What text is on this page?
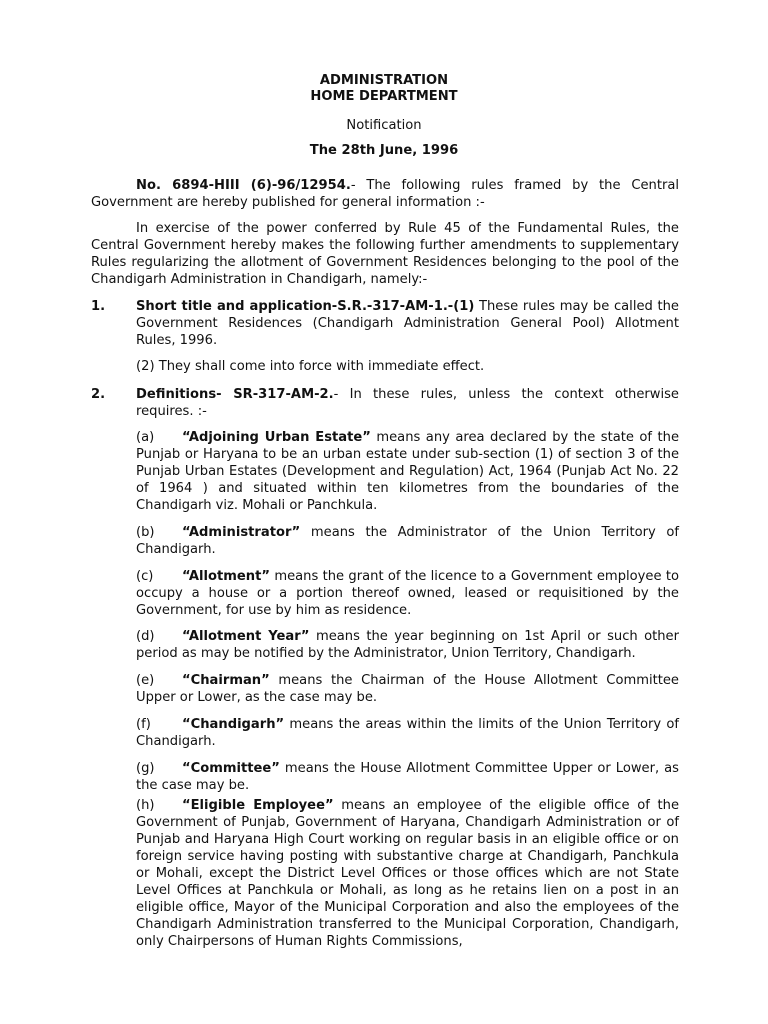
ADMINISTRATION
HOME DEPARTMENT
Notification
The 28th June, 1996
No. 6894-HIII (6)-96/12954.- The following rules framed by the Central Government are hereby published for general information :-
In exercise of the power conferred by Rule 45 of the Fundamental Rules, the Central Government hereby makes the following further amendments to supplementary Rules regularizing the allotment of Government Residences belonging to the pool of the Chandigarh Administration in Chandigarh, namely:-
1. Short title and application-S.R.-317-AM-1.-(1) These rules may be called the Government Residences (Chandigarh Administration General Pool) Allotment Rules, 1996.
(2) They shall come into force with immediate effect.
2. Definitions- SR-317-AM-2.- In these rules, unless the context otherwise requires. :-
(a) “Adjoining Urban Estate” means any area declared by the state of the Punjab or Haryana to be an urban estate under sub-section (1) of section 3 of the Punjab Urban Estates (Development and Regulation) Act, 1964 (Punjab Act No. 22 of 1964 ) and situated within ten kilometres from the boundaries of the Chandigarh viz. Mohali or Panchkula.
(b) “Administrator” means the Administrator of the Union Territory of Chandigarh.
(c) “Allotment” means the grant of the licence to a Government employee to occupy a house or a portion thereof owned, leased or requisitioned by the Government, for use by him as residence.
(d) “Allotment Year” means the year beginning on 1st April or such other period as may be notified by the Administrator, Union Territory, Chandigarh.
(e) “Chairman” means the Chairman of the House Allotment Committee Upper or Lower, as the case may be.
(f) “Chandigarh” means the areas within the limits of the Union Territory of Chandigarh.
(g) “Committee” means the House Allotment Committee Upper or Lower, as the case may be.
(h) “Eligible Employee” means an employee of the eligible office of the Government of Punjab, Government of Haryana, Chandigarh Administration or of Punjab and Haryana High Court working on regular basis in an eligible office or on foreign service having posting with substantive charge at Chandigarh, Panchkula or Mohali, except the District Level Offices or those offices which are not State Level Offices at Panchkula or Mohali, as long as he retains lien on a post in an eligible office, Mayor of the Municipal Corporation and also the employees of the Chandigarh Administration transferred to the Municipal Corporation, Chandigarh, only Chairpersons of Human Rights Commissions,
